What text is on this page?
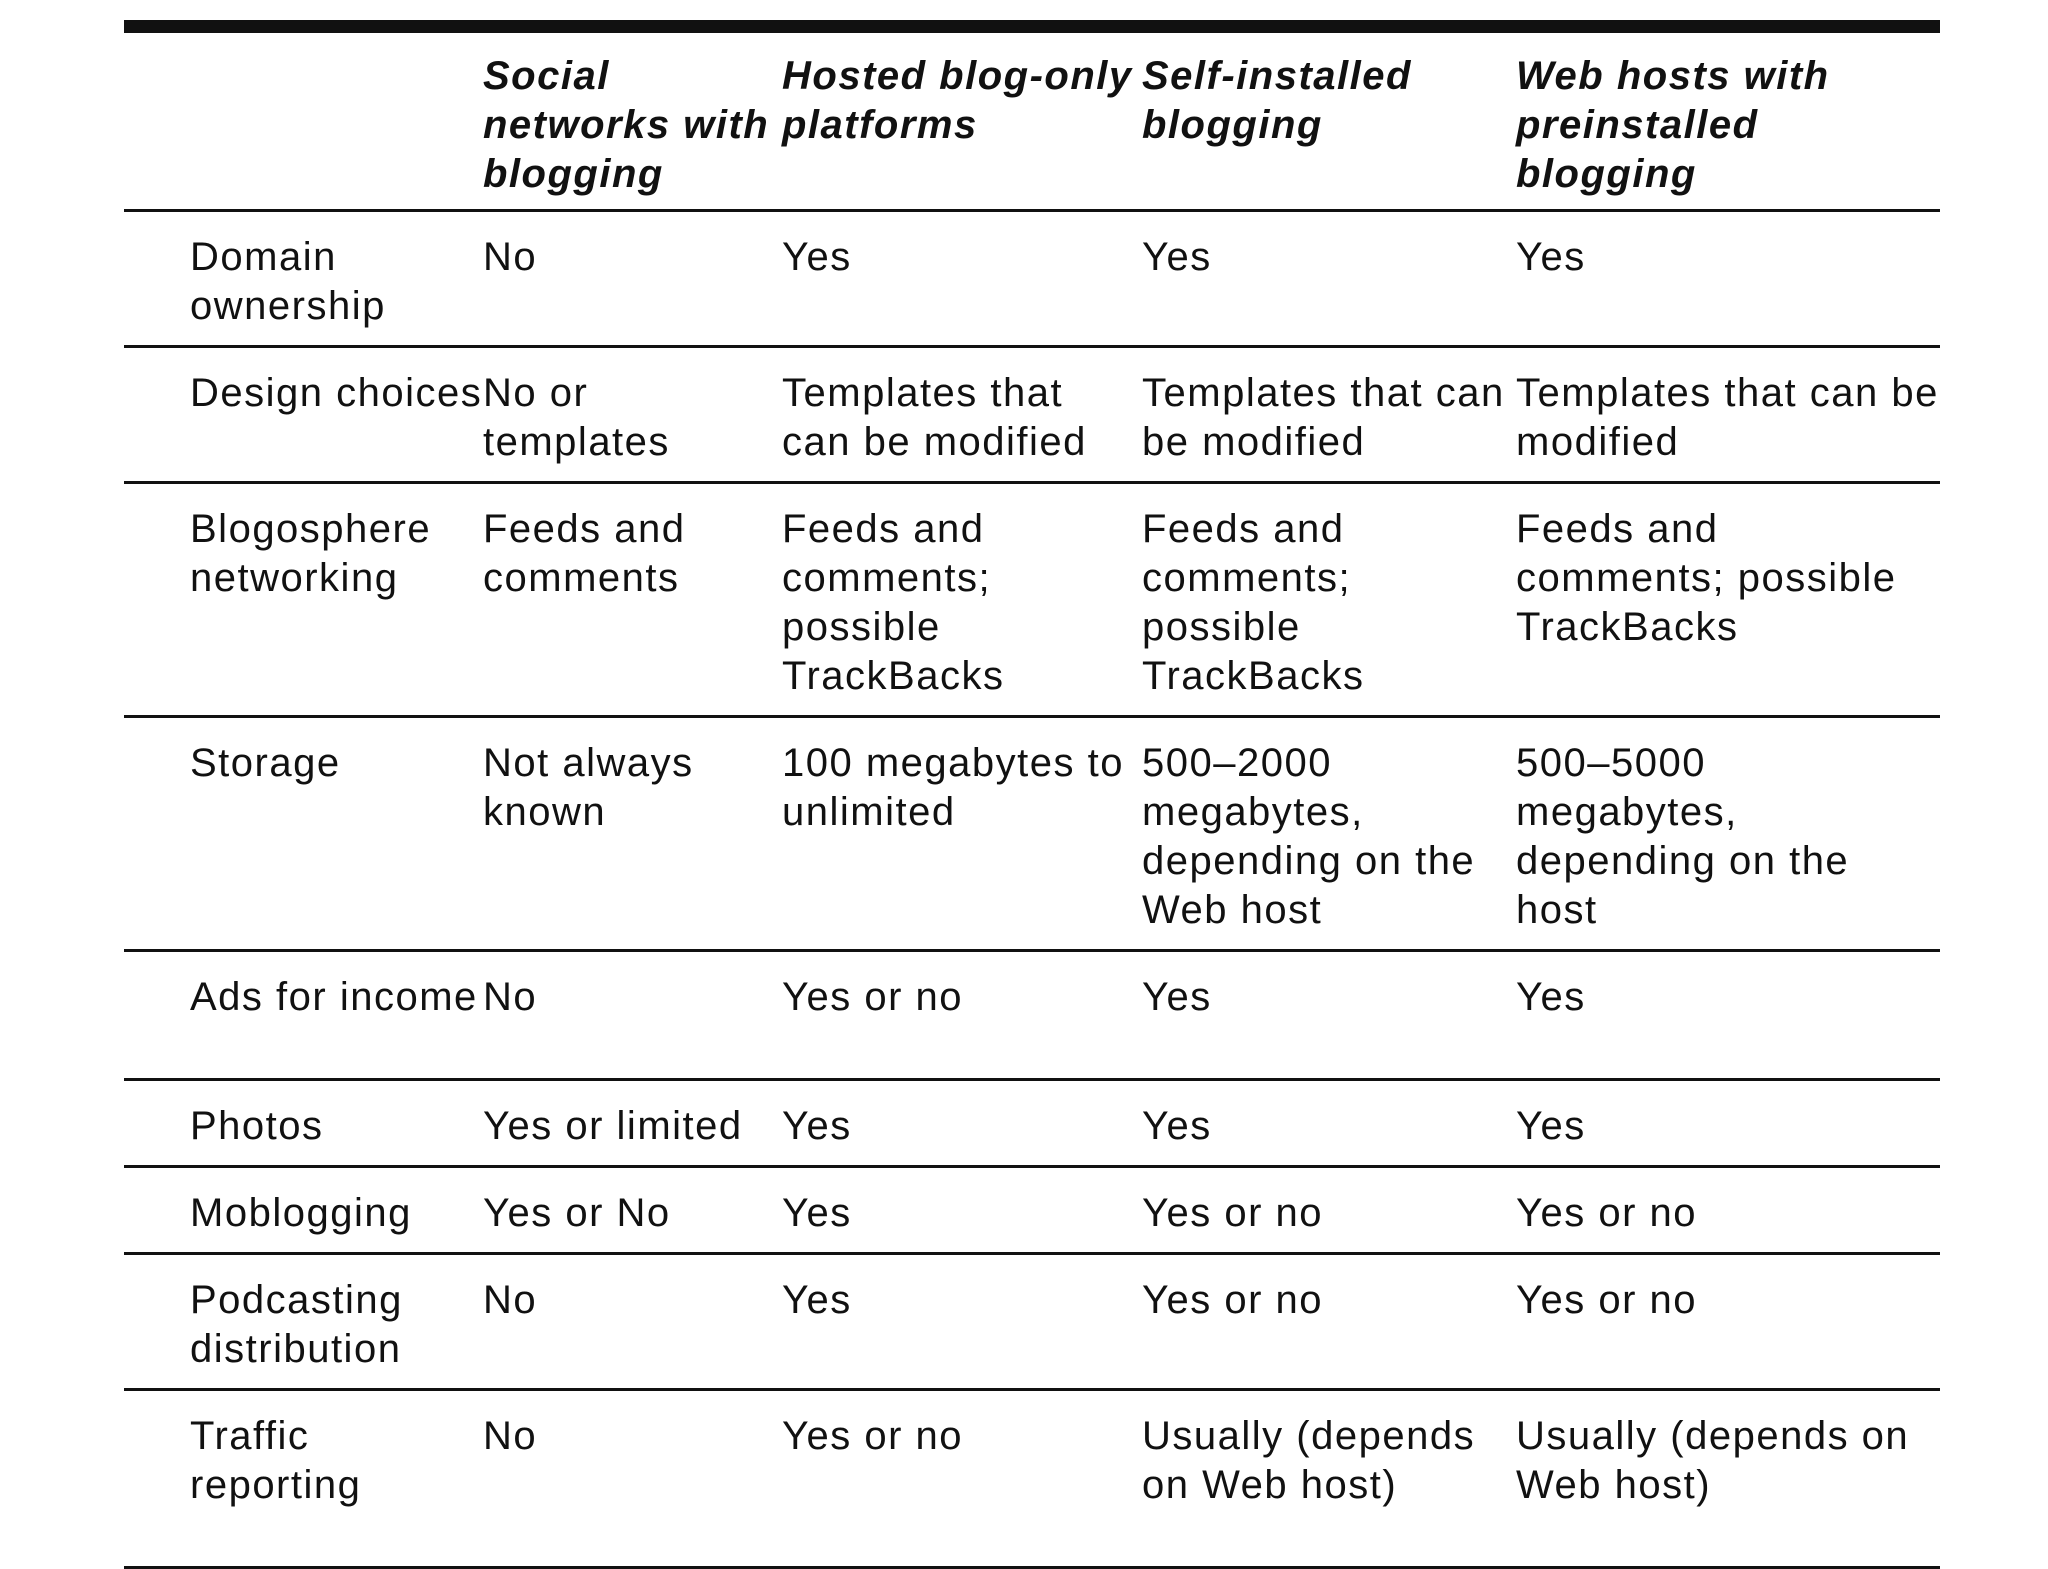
	Social networks with blogging	Hosted blog-only platforms	Self-installed blogging	Web hosts with preinstalled blogging

Domain ownership	No	Yes	Yes	Yes
Design choices	No or templates	Templates that can be modified	Templates that can be modified	Templates that can be modified
Blogosphere networking	Feeds and comments	Feeds and comments; possible TrackBacks	Feeds and comments; possible TrackBacks	Feeds and comments; possible TrackBacks
Storage	Not always known	100 megabytes to unlimited	500–2000 megabytes, depending on the Web host	500–5000 megabytes, depending on the host
Ads for income	No	Yes or no	Yes	Yes
Photos	Yes or limited	Yes	Yes	Yes
Moblogging	Yes or No	Yes	Yes or no	Yes or no
Podcasting distribution	No	Yes	Yes or no	Yes or no
Traffic reporting	No	Yes or no	Usually (depends on Web host)	Usually (depends on Web host)
